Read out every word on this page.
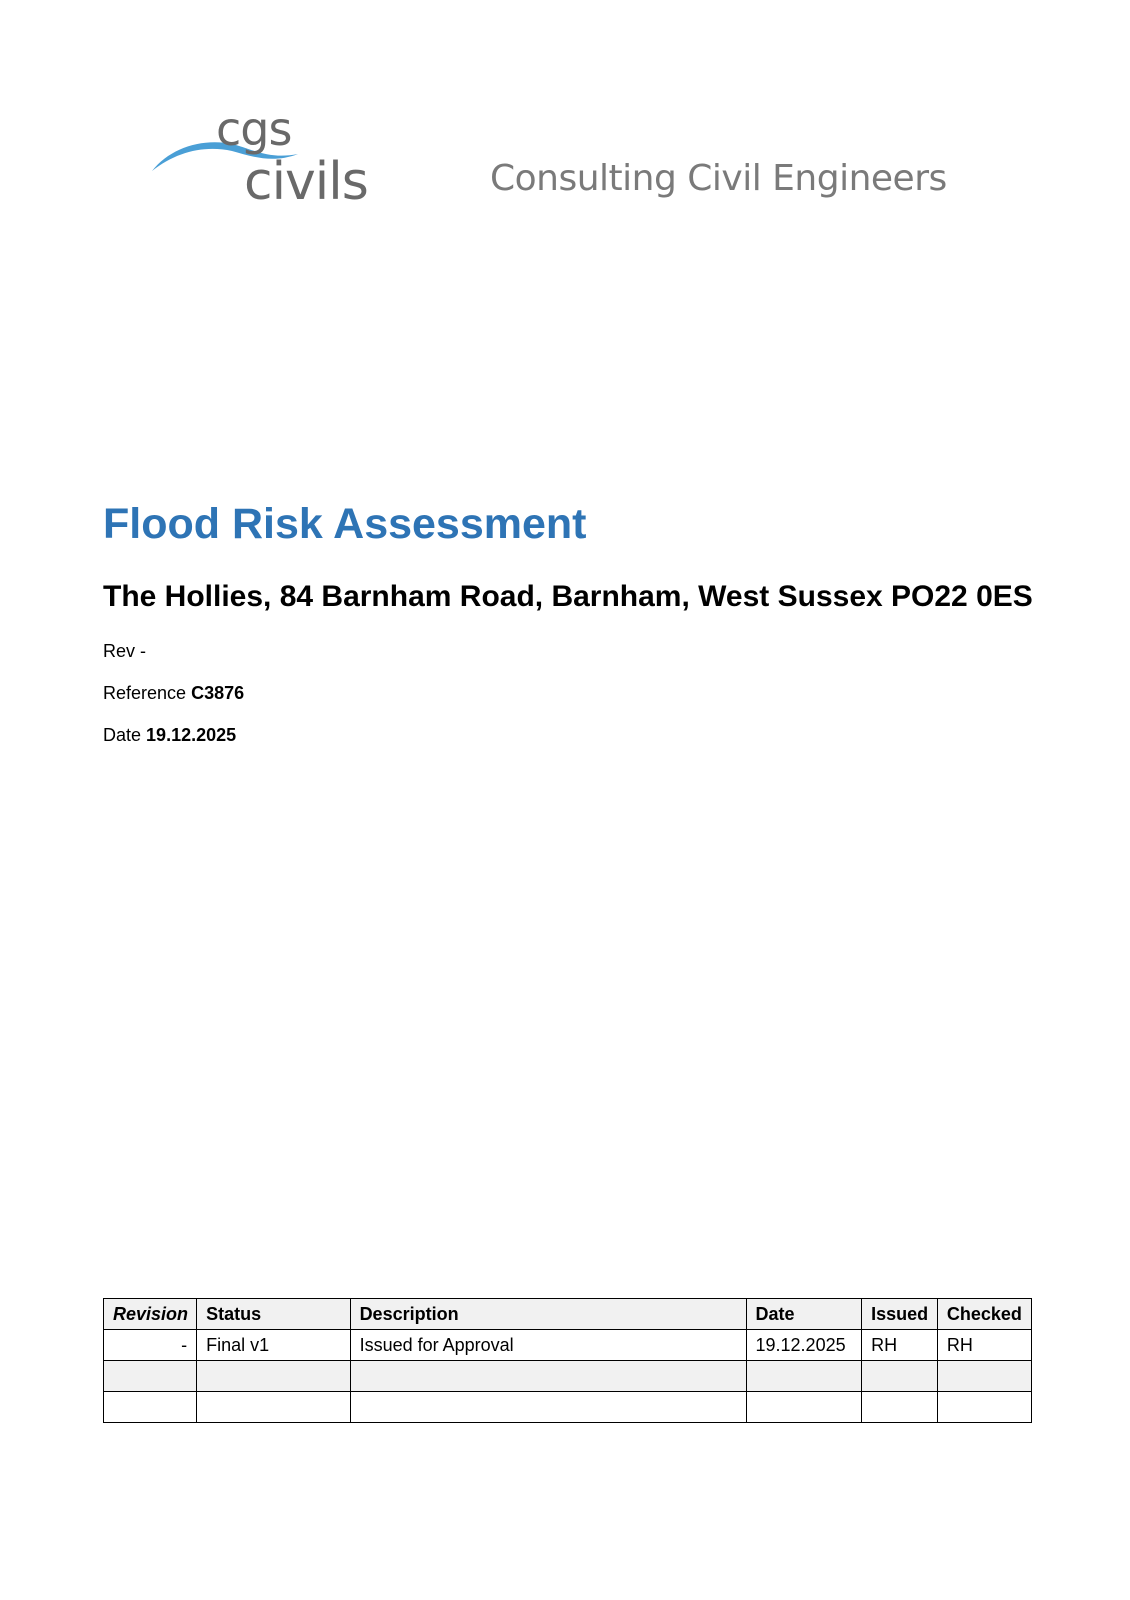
cgs
civils	Consulting Civil Engineers
Flood Risk Assessment
The Hollies, 84 Barnham Road, Barnham, West Sussex PO22 0ES
Rev -
Reference C3876
Date 19.12.2025
Revision	Status	Description	Date	Issued	Checked
-	Final v1	Issued for Approval	19.12.2025	RH	RH
